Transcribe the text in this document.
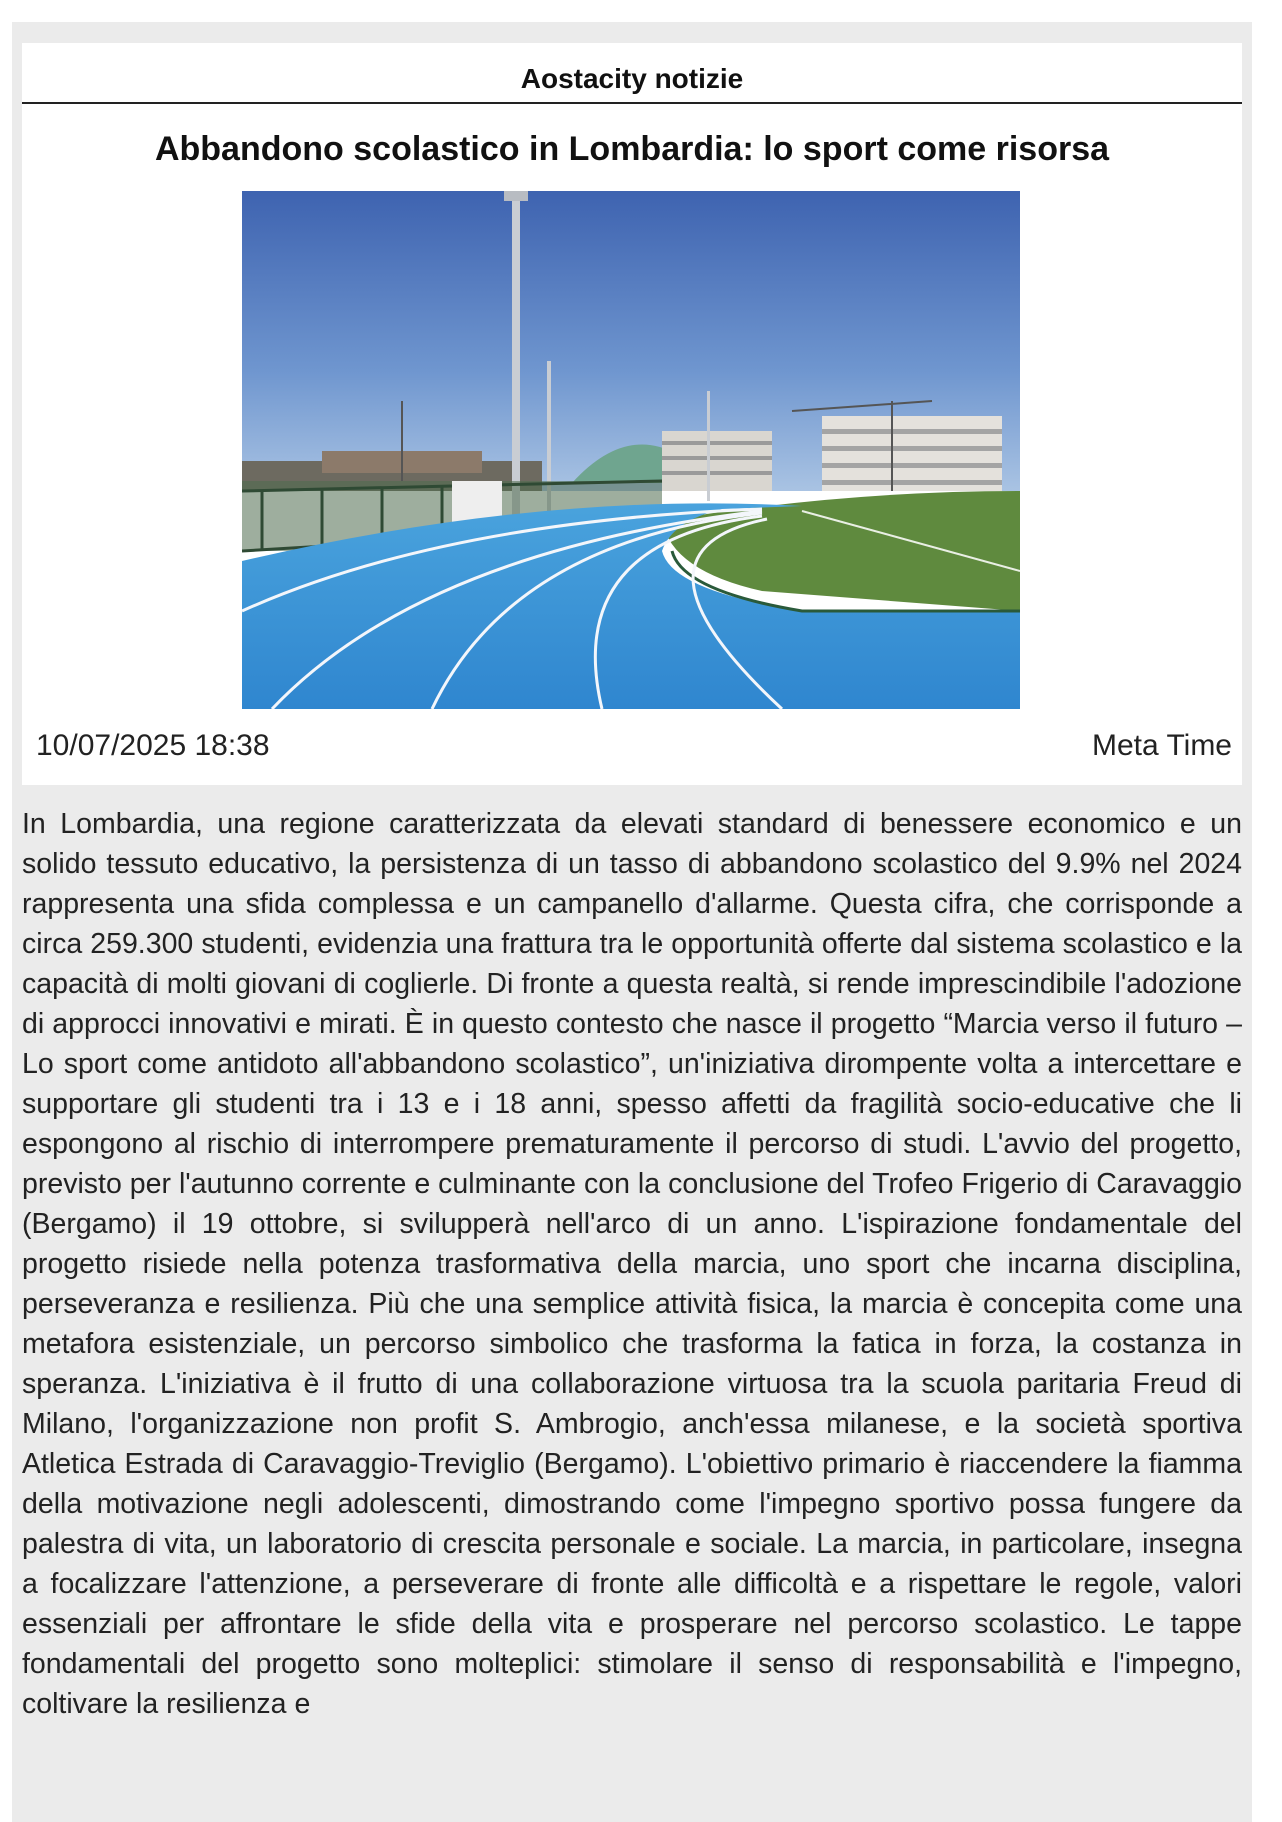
Aostacity notizie
Abbandono scolastico in Lombardia: lo sport come risorsa
10/07/2025 18:38	Meta Time
In Lombardia, una regione caratterizzata da elevati standard di benessere economico e un solido tessuto educativo, la persistenza di un tasso di abbandono scolastico del 9.9% nel 2024 rappresenta una sfida complessa e un campanello d'allarme. Questa cifra, che corrisponde a circa 259.300 studenti, evidenzia una frattura tra le opportunità offerte dal sistema scolastico e la capacità di molti giovani di coglierle. Di fronte a questa realtà, si rende imprescindibile l'adozione di approcci innovativi e mirati. È in questo contesto che nasce il progetto “Marcia verso il futuro – Lo sport come antidoto all'abbandono scolastico”, un'iniziativa dirompente volta a intercettare e supportare gli studenti tra i 13 e i 18 anni, spesso affetti da fragilità socio-educative che li espongono al rischio di interrompere prematuramente il percorso di studi. L'avvio del progetto, previsto per l'autunno corrente e culminante con la conclusione del Trofeo Frigerio di Caravaggio (Bergamo) il 19 ottobre, si svilupperà nell'arco di un anno. L'ispirazione fondamentale del progetto risiede nella potenza trasformativa della marcia, uno sport che incarna disciplina, perseveranza e resilienza. Più che una semplice attività fisica, la marcia è concepita come una metafora esistenziale, un percorso simbolico che trasforma la fatica in forza, la costanza in speranza. L'iniziativa è il frutto di una collaborazione virtuosa tra la scuola paritaria Freud di Milano, l'organizzazione non profit S. Ambrogio, anch'essa milanese, e la società sportiva Atletica Estrada di Caravaggio-Treviglio (Bergamo). L'obiettivo primario è riaccendere la fiamma della motivazione negli adolescenti, dimostrando come l'impegno sportivo possa fungere da palestra di vita, un laboratorio di crescita personale e sociale. La marcia, in particolare, insegna a focalizzare l'attenzione, a perseverare di fronte alle difficoltà e a rispettare le regole, valori essenziali per affrontare le sfide della vita e prosperare nel percorso scolastico. Le tappe fondamentali del progetto sono molteplici: stimolare il senso di responsabilità e l'impegno, coltivare la resilienza e
